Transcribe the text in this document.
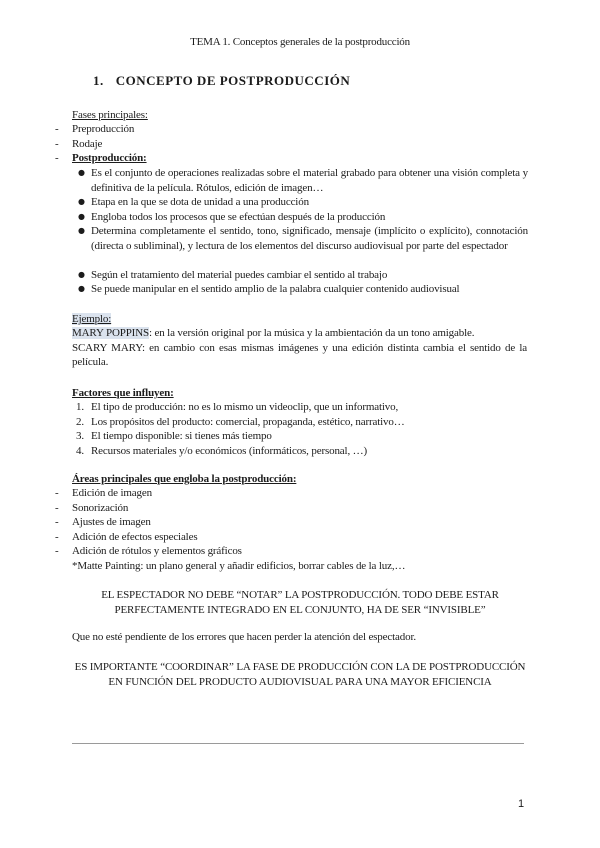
TEMA 1. Conceptos generales de la postproducción
1. CONCEPTO DE POSTPRODUCCIÓN
Fases principales:
- Preproducción
- Rodaje
- Postproducción:
● Es el conjunto de operaciones realizadas sobre el material grabado para obtener una visión completa y definitiva de la película. Rótulos, edición de imagen…
● Etapa en la que se dota de unidad a una producción
● Engloba todos los procesos que se efectúan después de la producción
● Determina completamente el sentido, tono, significado, mensaje (implícito o explícito), connotación (directa o subliminal), y lectura de los elementos del discurso audiovisual por parte del espectador
● Según el tratamiento del material puedes cambiar el sentido al trabajo
● Se puede manipular en el sentido amplio de la palabra cualquier contenido audiovisual
Ejemplo:
MARY POPPINS: en la versión original por la música y la ambientación da un tono amigable.
SCARY MARY: en cambio con esas mismas imágenes y una edición distinta cambia el sentido de la película.
Factores que influyen:
1. El tipo de producción: no es lo mismo un videoclip, que un informativo,
2. Los propósitos del producto: comercial, propaganda, estético, narrativo…
3. El tiempo disponible: si tienes más tiempo
4. Recursos materiales y/o económicos (informáticos, personal, …)
Áreas principales que engloba la postproducción:
- Edición de imagen
- Sonorización
- Ajustes de imagen
- Adición de efectos especiales
- Adición de rótulos y elementos gráficos
*Matte Painting: un plano general y añadir edificios, borrar cables de la luz,…
EL ESPECTADOR NO DEBE “NOTAR” LA POSTPRODUCCIÓN. TODO DEBE ESTAR PERFECTAMENTE INTEGRADO EN EL CONJUNTO, HA DE SER “INVISIBLE”
Que no esté pendiente de los errores que hacen perder la atención del espectador.
ES IMPORTANTE “COORDINAR” LA FASE DE PRODUCCIÓN CON LA DE POSTPRODUCCIÓN EN FUNCIÓN DEL PRODUCTO AUDIOVISUAL PARA UNA MAYOR EFICIENCIA
1
